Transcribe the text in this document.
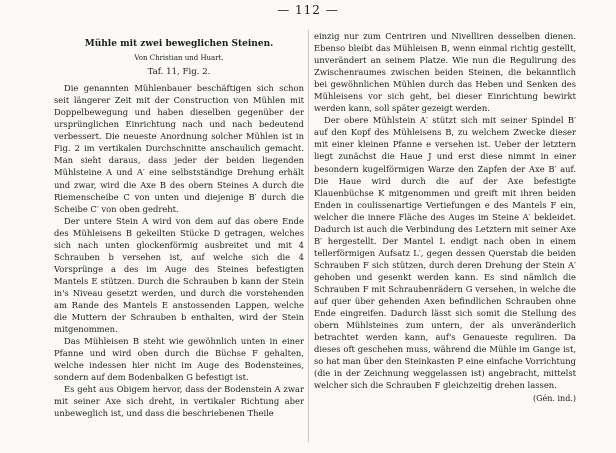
— 112 —
Mühle mit zwei beweglichen Steinen.
Von Christian und Huart.
Taf. 11, Fig. 2.

Die genannten Mühlenbauer beschäftigen sich schon seit längerer Zeit mit der Construction von Mühlen mit Doppelbewegung und haben dieselben gegenüber der ursprünglichen Einrichtung nach und nach bedeutend verbessert. Die neueste Anordnung solcher Mühlen ist in Fig. 2 im vertikalen Durchschnitte anschaulich gemacht. Man sieht daraus, dass jeder der beiden liegenden Mühlsteine A und A′ eine selbstständige Drehung erhält und zwar, wird die Axe B des obern Steines A durch die Riemenscheibe C von unten und diejenige B′ durch die Scheibe C′ von oben gedreht.

Der untere Stein A wird von dem auf das obere Ende des Mühleisens B gekeilten Stücke D getragen, welches sich nach unten glockenförmig ausbreitet und mit 4 Schrauben b versehen ist, auf welche sich die 4 Vorsprünge a des im Auge des Steines befestigten Mantels E stützen. Durch die Schrauben b kann der Stein in's Niveau gesetzt werden, und durch die vorstehenden am Rande des Mantels E anstossenden Lappen, welche die Muttern der Schrauben b enthalten, wird der Stein mitgenommen.

Das Mühleisen B steht wie gewöhnlich unten in einer Pfanne und wird oben durch die Büchse F gehalten, welche indessen hier nicht im Auge des Bodensteines, sondern auf dem Bodenbalken G befestigt ist.

Es geht aus Obigem hervor, dass der Bodenstein A zwar mit seiner Axe sich dreht, in vertikaler Richtung aber unbeweglich ist, und dass die beschriebenen Theile

einzig nur zum Centriren und Nivelliren desselben dienen. Ebenso bleibt das Mühleisen B, wenn einmal richtig gestellt, unverändert an seinem Platze. Wie nun die Regulirung des Zwischenraumes zwischen beiden Steinen, die bekanntlich bei gewöhnlichen Mühlen durch das Heben und Senken des Mühleisens vor sich geht, bei dieser Einrichtung bewirkt werden kann, soll später gezeigt werden.

Der obere Mühlstein A′ stützt sich mit seiner Spindel B′ auf den Kopf des Mühleisens B, zu welchem Zwecke dieser mit einer kleinen Pfanne e versehen ist. Ueber der letztern liegt zunächst die Haue J und erst diese nimmt in einer besondern kugelförmigen Warze den Zapfen der Axe B′ auf. Die Haue wird durch die auf der Axe befestigte Klauenbüchse K mitgenommen und greift mit ihren beiden Enden in coulissenartige Vertiefungen e des Mantels F ein, welcher die innere Fläche des Auges im Steine A′ bekleidet. Dadurch ist auch die Verbindung des Letztern mit seiner Axe B′ hergestellt. Der Mantel L endigt nach oben in einem tellerförmigen Aufsatz L′, gegen dessen Querstab die beiden Schrauben F sich stützen, durch deren Drehung der Stein A′ gehoben und gesenkt werden kann. Es sind nämlich die Schrauben F mit Schraubenrädern G versehen, in welche die auf quer über gehenden Axen befindlichen Schrauben ohne Ende eingreifen. Dadurch lässt sich somit die Stellung des obern Mühlsteines zum untern, der als unveränderlich betrachtet werden kann, auf's Genaueste reguliren. Da dieses oft geschehen muss, während die Mühle im Gange ist, so hat man über den Steinkasten P eine einfache Vorrichtung (die in der Zeichnung weggelassen ist) angebracht, mittelst welcher sich die Schrauben F gleichzeitig drehen lassen.

(Gén. ind.)
